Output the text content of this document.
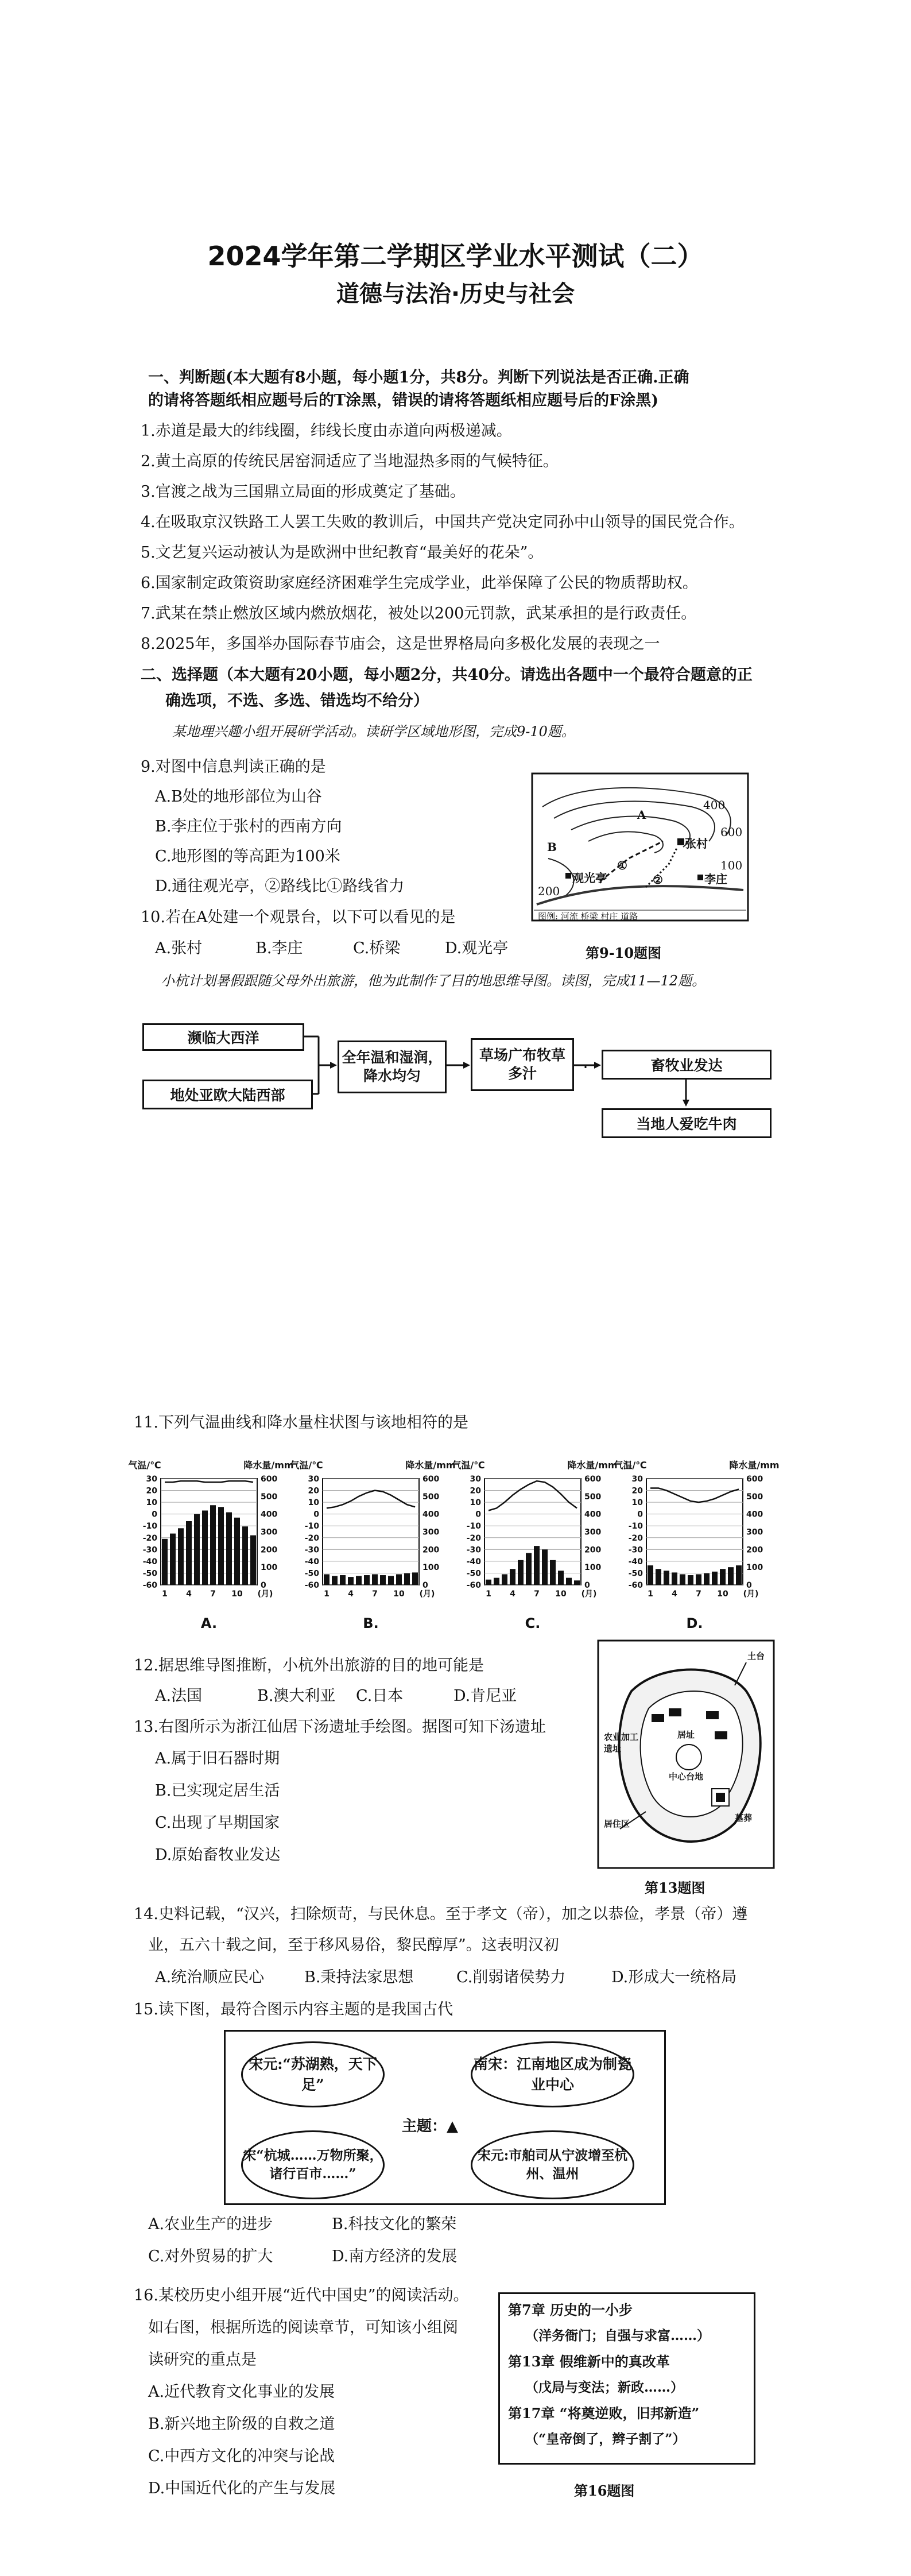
2024学年第二学期区学业水平测试（二）
道德与法治·历史与社会
一、判断题(本大题有8小题，每小题1分，共8分。判断下列说法是否正确.正确
的请将答题纸相应题号后的T涂黑，错误的请将答题纸相应题号后的F涂黑)
1.赤道是最大的纬线圈，纬线长度由赤道向两极递减。
2.黄土高原的传统民居窑洞适应了当地湿热多雨的气候特征。
3.官渡之战为三国鼎立局面的形成奠定了基础。
4.在吸取京汉铁路工人罢工失败的教训后，中国共产党决定同孙中山领导的国民党合作。
5.文艺复兴运动被认为是欧洲中世纪教育“最美好的花朵”。
6.国家制定政策资助家庭经济困难学生完成学业，此举保障了公民的物质帮助权。
7.武某在禁止燃放区域内燃放烟花，被处以200元罚款，武某承担的是行政责任。
8.2025年，多国举办国际春节庙会，这是世界格局向多极化发展的表现之一
二、选择题（本大题有20小题，每小题2分，共40分。请选出各题中一个最符合题意的正
确选项，不选、多选、错选均不给分）
某地理兴趣小组开展研学活动。读研学区域地形图，完成9-10题。
9.对图中信息判读正确的是
A.B处的地形部位为山谷
B.李庄位于张村的西南方向
C.地形图的等高距为100米
D.通往观光亭，②路线比①路线省力
10.若在A处建一个观景台，以下可以看见的是
A.张村	B.李庄	C.桥梁	D.观光亭
张村
李庄
观光亭
A
B
①
②
600
400
200
100
图例: 河流 桥梁 村庄 道路
第9-10题图
小杭计划暑假跟随父母外出旅游，他为此制作了目的地思维导图。读图，完成11—12题。
濒临大西洋
地处亚欧大陆西部
全年温和湿润，降水均匀
草场广布牧草多汁	畜牧业发达
当地人爱吃牛肉
11.下列气温曲线和降水量柱状图与该地相符的是
气温/℃	降水量/mm
30
20
10
0
-10
-20
-30
-40
-50
-60
600
500
400
300
200
100
0
1 4 7 10 (月)
A.
气温/℃	降水量/mm
30
20
10
0
-10
-20
-30
-40
-50
-60
600
500
400
300
200
100
0
1 4 7 10 (月)
B.
气温/℃	降水量/mm
30
20
10
0
-10
-20
-30
-40
-50
-60
600
500
400
300
200
100
0
1 4 7 10 (月)
C.
气温/℃	降水量/mm
30
20
10
0
-10
-20
-30
-40
-50
-60
600
500
400
300
200
100
0
1 4 7 10 (月)
D.
12.据思维导图推断，小杭外出旅游的目的地可能是
A.法国	B.澳大利亚 C.日本	D.肯尼亚
13.右图所示为浙江仙居下汤遗址手绘图。据图可知下汤遗址
A.属于旧石器时期
B.已实现定居生活
C.出现了早期国家
D.原始畜牧业发达
土台
农业加工遗址
居住区
中心台地
居址
墓葬
第13题图
14.史料记载，“汉兴，扫除烦苛，与民休息。至于孝文（帝），加之以恭俭，孝景（帝）遵
业，五六十载之间，至于移风易俗，黎民醇厚”。这表明汉初
A.统治顺应民心	B.秉持法家思想	C.削弱诸侯势力	D.形成大一统格局
15.读下图，最符合图示内容主题的是我国古代
宋元:“苏湖熟，天下足”
南宋：江南地区成为制瓷业中心
主题：▲
宋“杭城……万物所聚，诸行百市……”
宋元:市舶司从宁波增至杭州、温州
A.农业生产的进步	B.科技文化的繁荣
C.对外贸易的扩大	D.南方经济的发展
16.某校历史小组开展“近代中国史”的阅读活动。
如右图，根据所选的阅读章节，可知该小组阅
读研究的重点是
A.近代教育文化事业的发展
B.新兴地主阶级的自救之道
C.中西方文化的冲突与论战
D.中国近代化的产生与发展
第7章 历史的一小步
（洋务衙门；自强与求富……）
第13章 假维新中的真改革
（戊局与变法；新政……）
第17章 “将奠逆败，旧邦新造”
（“皇帝倒了，辫子割了”）
第16题图
